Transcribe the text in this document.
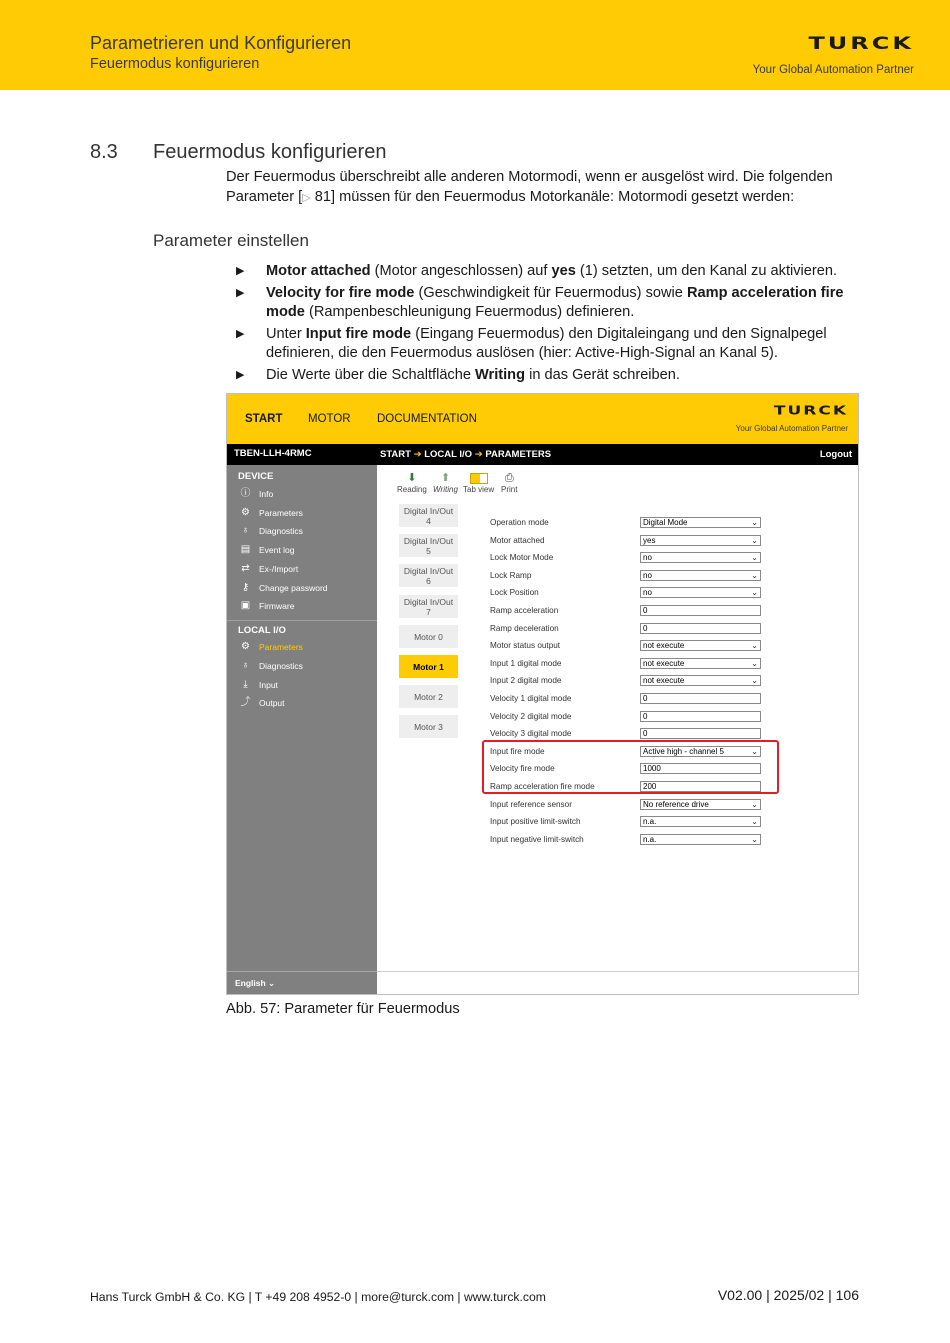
Parametrieren und Konfigurieren
Feuermodus konfigurieren
TURCK
Your Global Automation Partner
8.3 Feuermodus konfigurieren

Der Feuermodus überschreibt alle anderen Motormodi, wenn er ausgelöst wird. Die folgenden Parameter [▷ 81] müssen für den Feuermodus Motorkanäle: Motormodi gesetzt werden:

Parameter einstellen
▶ Motor attached (Motor angeschlossen) auf yes (1) setzten, um den Kanal zu aktivieren.
▶ Velocity for fire mode (Geschwindigkeit für Feuermodus) sowie Ramp acceleration fire mode (Rampenbeschleunigung Feuermodus) definieren.
▶ Unter Input fire mode (Eingang Feuermodus) den Digitaleingang und den Signalpegel definieren, die den Feuermodus auslösen (hier: Active-High-Signal an Kanal 5).
▶ Die Werte über die Schaltfläche Writing in das Gerät schreiben.
START MOTOR DOCUMENTATION
TURCK
Your Global Automation Partner
TBEN-LLH-4RMC	START ➔ LOCAL I/O ➔ PARAMETERS	Logout
DEVICE
ⓘ Info
⚙	Parameters
♁	Diagnostics
▤	Event log
⇄	Ex-/Import
⚷	Change password
▣	Firmware
LOCAL I/O
⚙	Parameters
♁	Diagnostics
⤓	Input
⤴ Output
English ⌄
⬇
Reading
⬆
Writing Tab view
⎙
Print
Digital In/Out
4
Digital In/Out
5
Digital In/Out
6
Digital In/Out
7
Motor 0
Motor 1
Motor 2
Motor 3
Operation mode	Digital Mode	⌄
Motor attached	yes	⌄
Lock Motor Mode	no	⌄
Lock Ramp	no	⌄
Lock Position	no	⌄
Ramp acceleration	0
Ramp deceleration	0
Motor status output	not execute	⌄
Input 1 digital mode	not execute	⌄
Input 2 digital mode	not execute	⌄
Velocity 1 digital mode	0
Velocity 2 digital mode	0
Velocity 3 digital mode	0
Input fire mode	Active high - channel 5	⌄
Velocity fire mode	1000
Ramp acceleration fire mode	200
Input reference sensor	No reference drive	⌄
Input positive limit-switch	n.a.	⌄
Input negative limit-switch	n.a.	⌄
Abb. 57: Parameter für Feuermodus
Hans Turck GmbH & Co. KG | T +49 208 4952-0 | more@turck.com | www.turck.com	V02.00 | 2025/02 | 106
